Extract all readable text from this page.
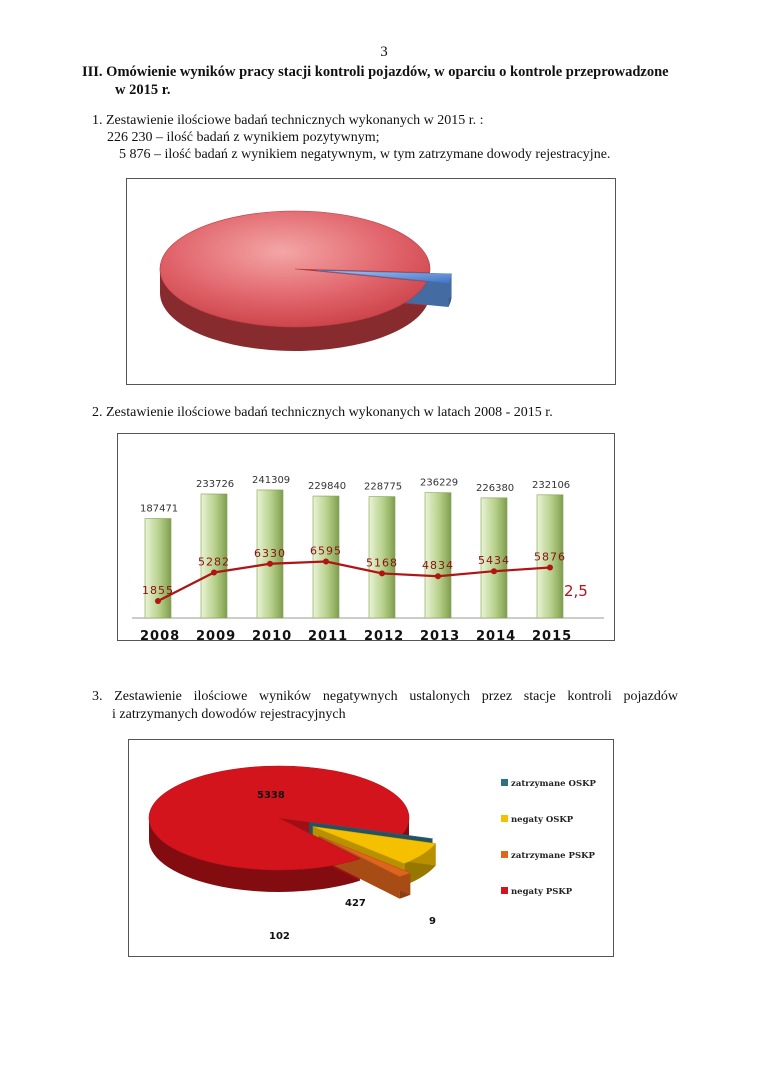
3
III. Omówienie wyników pracy stacji kontroli pojazdów, w oparciu o kontrole przeprowadzone
w 2015 r.
1. Zestawienie ilościowe badań technicznych wykonanych w 2015 r. :
226 230 – ilość badań z wynikiem pozytywnym;
5 876 – ilość badań z wynikiem negatywnym, w tym zatrzymane dowody rejestracyjne.
2. Zestawienie ilościowe badań technicznych wykonanych w latach 2008 - 2015 r.
187471
2008
233726
2009
241309
2010
229840
2011
228775
2012
236229
2013
226380
2014
232106
2015
1855
5282
6330 6595
5168 4834 5434 5876
2,5
3. Zestawienie ilościowe wyników negatywnych ustalonych przez stacje kontroli pojazdów
i zatrzymanych dowodów rejestracyjnych
5338
9
427
102
zatrzymane OSKP
negaty OSKP
zatrzymane PSKP
negaty PSKP
